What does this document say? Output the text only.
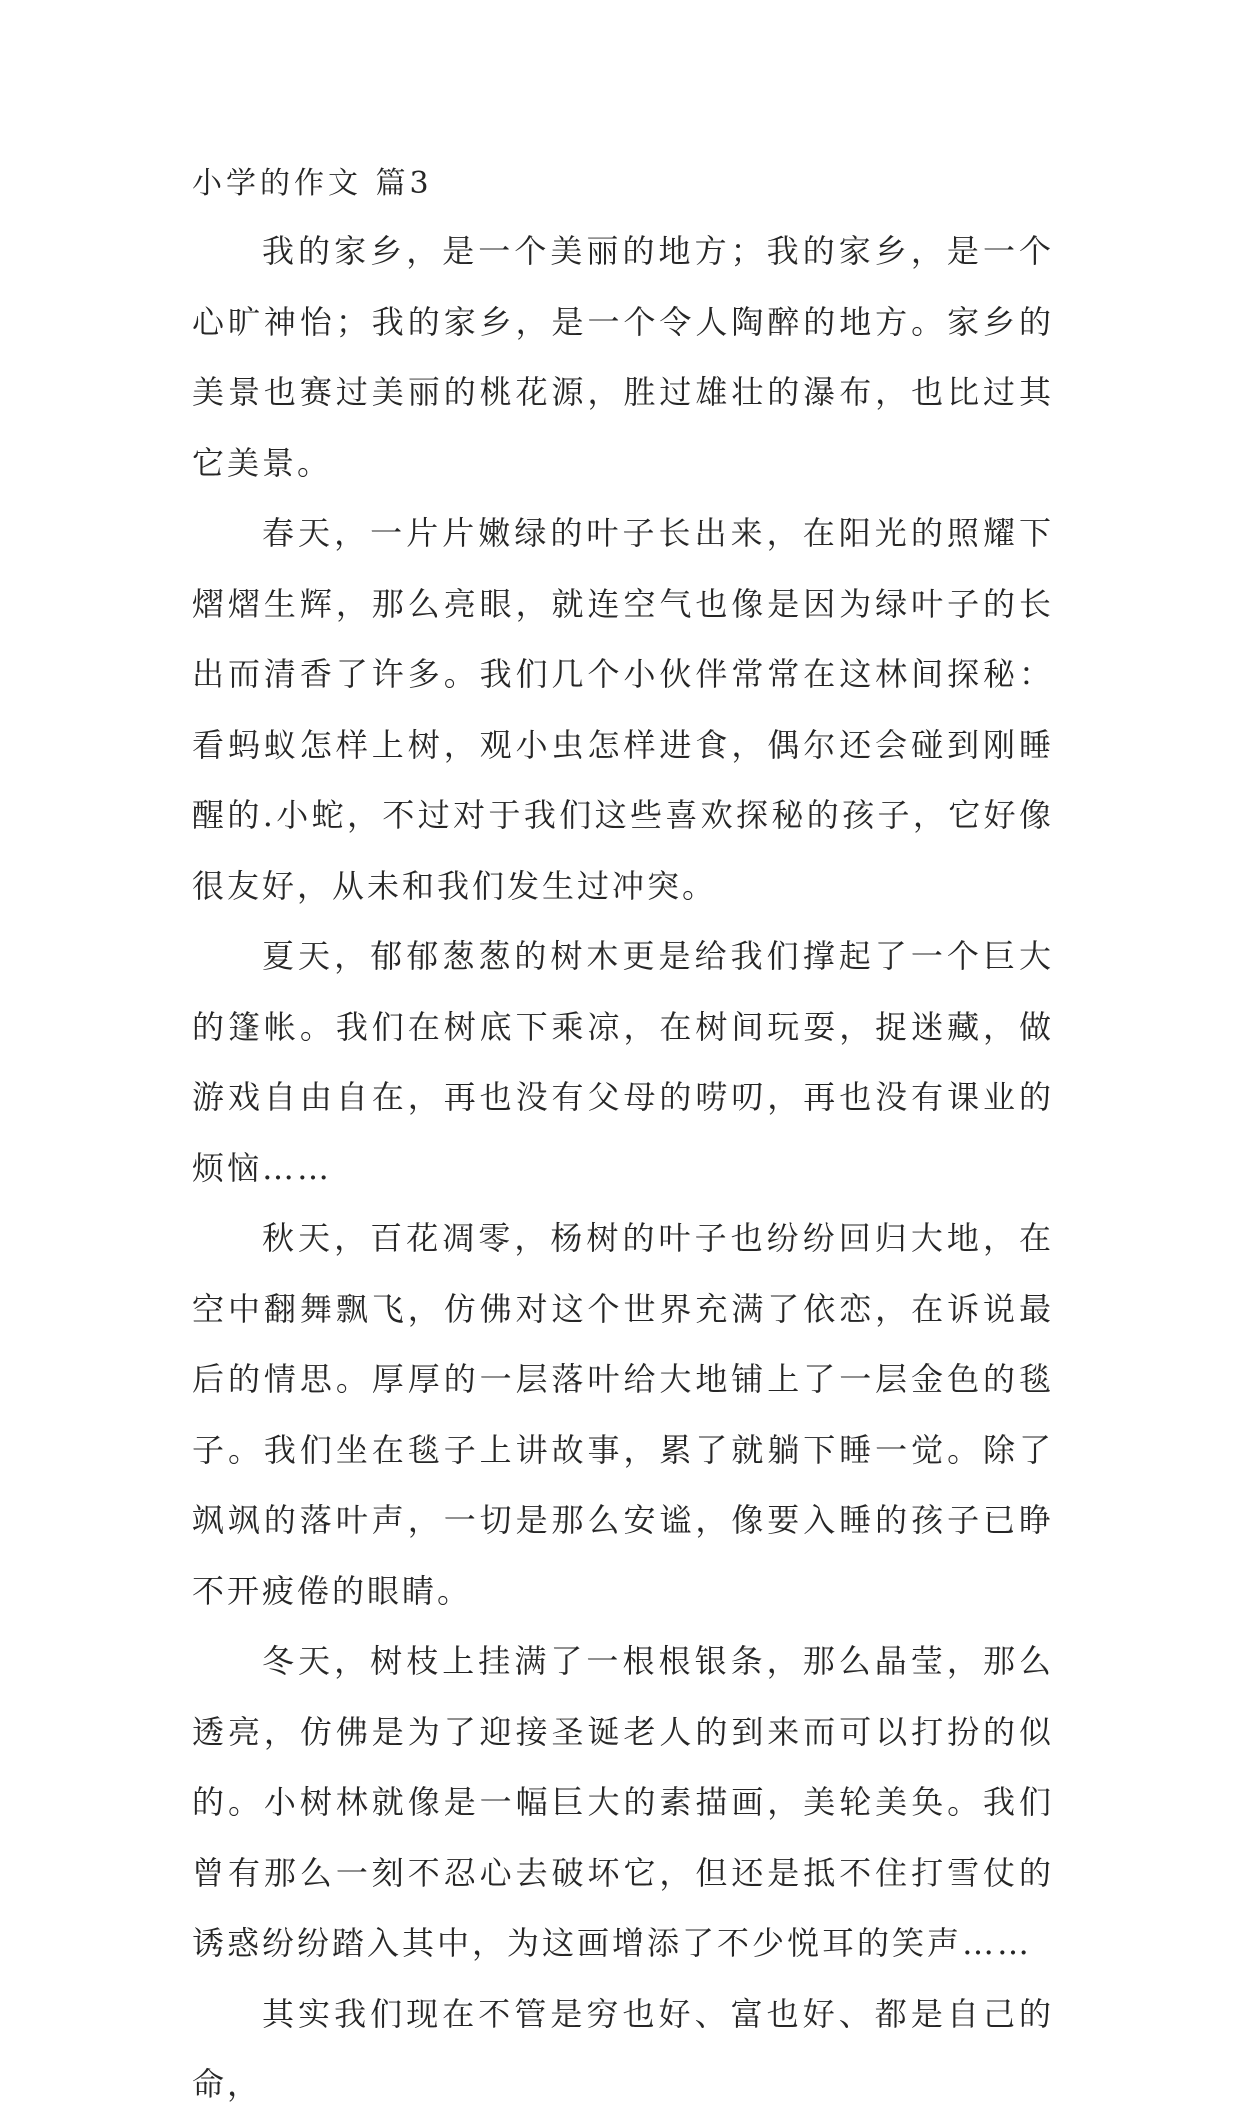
小学的作文 篇3

我的家乡，是一个美丽的地方；我的家乡，是一个心旷神怡；我的家乡，是一个令人陶醉的地方。家乡的美景也赛过美丽的桃花源，胜过雄壮的瀑布，也比过其它美景。

春天，一片片嫩绿的叶子长出来，在阳光的照耀下熠熠生辉，那么亮眼，就连空气也像是因为绿叶子的长出而清香了许多。我们几个小伙伴常常在这林间探秘：看蚂蚁怎样上树，观小虫怎样进食，偶尔还会碰到刚睡醒的.小蛇，不过对于我们这些喜欢探秘的孩子，它好像很友好，从未和我们发生过冲突。

夏天，郁郁葱葱的树木更是给我们撑起了一个巨大的篷帐。我们在树底下乘凉，在树间玩耍，捉迷藏，做游戏自由自在，再也没有父母的唠叨，再也没有课业的烦恼……

秋天，百花凋零，杨树的叶子也纷纷回归大地，在空中翻舞飘飞，仿佛对这个世界充满了依恋，在诉说最后的情思。厚厚的一层落叶给大地铺上了一层金色的毯子。我们坐在毯子上讲故事，累了就躺下睡一觉。除了飒飒的落叶声，一切是那么安谧，像要入睡的孩子已睁不开疲倦的眼睛。

冬天，树枝上挂满了一根根银条，那么晶莹，那么透亮，仿佛是为了迎接圣诞老人的到来而可以打扮的似的。小树林就像是一幅巨大的素描画，美轮美奂。我们曾有那么一刻不忍心去破坏它，但还是抵不住打雪仗的诱惑纷纷踏入其中，为这画增添了不少悦耳的笑声……

其实我们现在不管是穷也好、富也好、都是自己的命，
